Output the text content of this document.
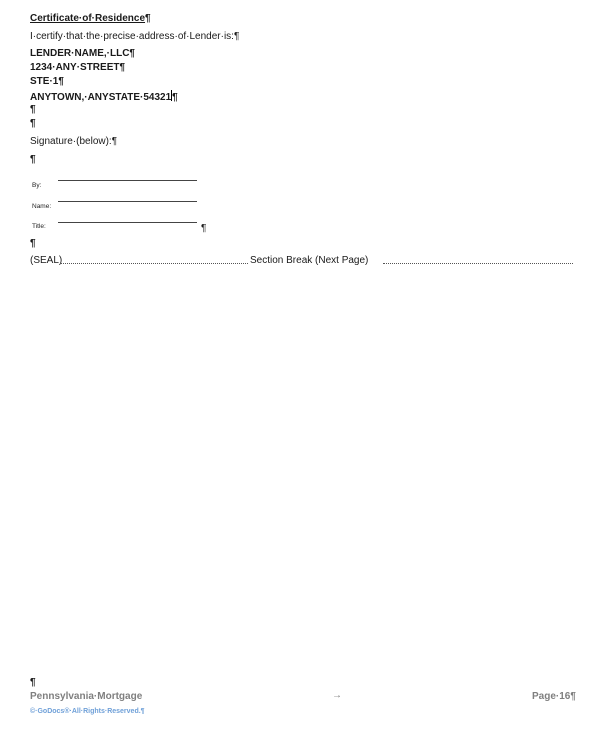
Certificate·of·Residence¶
I·certify·that·the·precise·address·of·Lender·is:¶
LENDER·NAME,·LLC¶
1234·ANY·STREET¶
STE·1¶
ANYTOWN,·ANYSTATE·54321¶
¶
¶
Signature·(below):¶
¶
By:
Name:
Title:	¶
¶
(SEAL)	Section Break (Next Page)
¶
Pennsylvania·Mortgage	→	Page·16¶
©·GoDocs®·All·Rights·Reserved.¶
